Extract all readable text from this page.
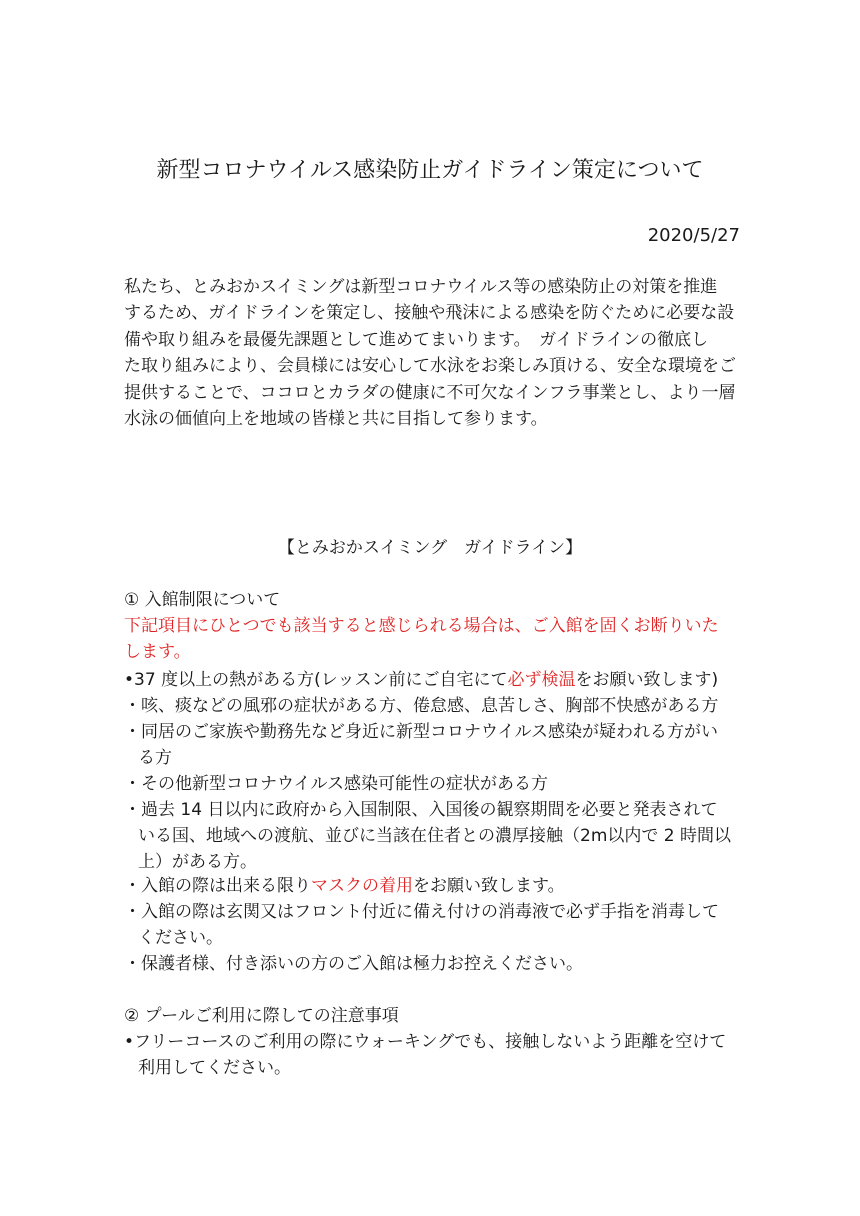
新型コロナウイルス感染防止ガイドライン策定について
2020/5/27
私たち、とみおかスイミングは新型コロナウイルス等の感染防止の対策を推進
するため、ガイドラインを策定し、接触や飛沫による感染を防ぐために必要な設
備や取り組みを最優先課題として進めてまいります。　ガイドラインの徹底し
た取り組みにより、会員様には安心して水泳をお楽しみ頂ける、安全な環境をご
提供することで、ココロとカラダの健康に不可欠なインフラ事業とし、より一層
水泳の価値向上を地域の皆様と共に目指して参ります。
【とみおかスイミング　ガイドライン】
① 入館制限について
下記項目にひとつでも該当すると感じられる場合は、ご入館を固くお断りいた
します。
•37 度以上の熱がある方(レッスン前にご自宅にて必ず検温をお願い致します)
・咳、痰などの風邪の症状がある方、倦怠感、息苦しさ、胸部不快感がある方
・同居のご家族や勤務先など身近に新型コロナウイルス感染が疑われる方がい
る方
・その他新型コロナウイルス感染可能性の症状がある方
・過去 14 日以内に政府から入国制限、入国後の観察期間を必要と発表されて
いる国、地域への渡航、並びに当該在住者との濃厚接触（2m以内で 2 時間以
上）がある方。
・入館の際は出来る限りマスクの着用をお願い致します。
・入館の際は玄関又はフロント付近に備え付けの消毒液で必ず手指を消毒して
ください。
・保護者様、付き添いの方のご入館は極力お控えください。
② プールご利用に際しての注意事項
•フリーコースのご利用の際にウォーキングでも、接触しないよう距離を空けて
利用してください。
